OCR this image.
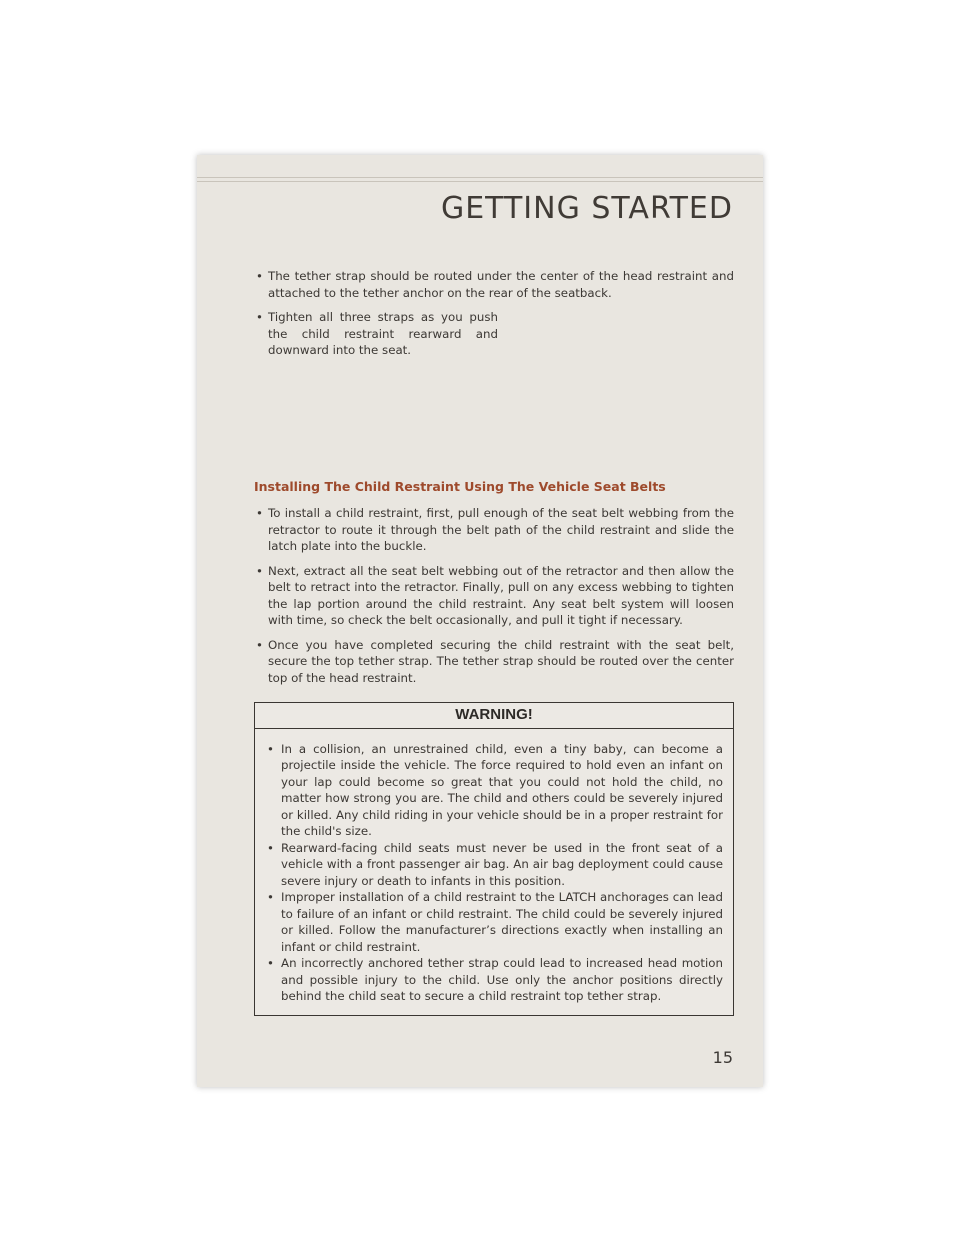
GETTING STARTED
• The tether strap should be routed under the center of the head restraint and attached to the tether anchor on the rear of the seatback.
• Tighten all three straps as you push the child restraint rearward and downward into the seat.
Installing The Child Restraint Using The Vehicle Seat Belts
• To install a child restraint, first, pull enough of the seat belt webbing from the retractor to route it through the belt path of the child restraint and slide the latch plate into the buckle.
• Next, extract all the seat belt webbing out of the retractor and then allow the belt to retract into the retractor. Finally, pull on any excess webbing to tighten the lap portion around the child restraint. Any seat belt system will loosen with time, so check the belt occasionally, and pull it tight if necessary.
• Once you have completed securing the child restraint with the seat belt, secure the top tether strap. The tether strap should be routed over the center top of the head restraint.
WARNING!
• In a collision, an unrestrained child, even a tiny baby, can become a projectile inside the vehicle. The force required to hold even an infant on your lap could become so great that you could not hold the child, no matter how strong you are. The child and others could be severely injured or killed. Any child riding in your vehicle should be in a proper restraint for the child's size.
• Rearward-facing child seats must never be used in the front seat of a vehicle with a front passenger air bag. An air bag deployment could cause severe injury or death to infants in this position.
• Improper installation of a child restraint to the LATCH anchorages can lead to failure of an infant or child restraint. The child could be severely injured or killed. Follow the manufacturer’s directions exactly when installing an infant or child restraint.
• An incorrectly anchored tether strap could lead to increased head motion and possible injury to the child. Use only the anchor positions directly behind the child seat to secure a child restraint top tether strap.
15
